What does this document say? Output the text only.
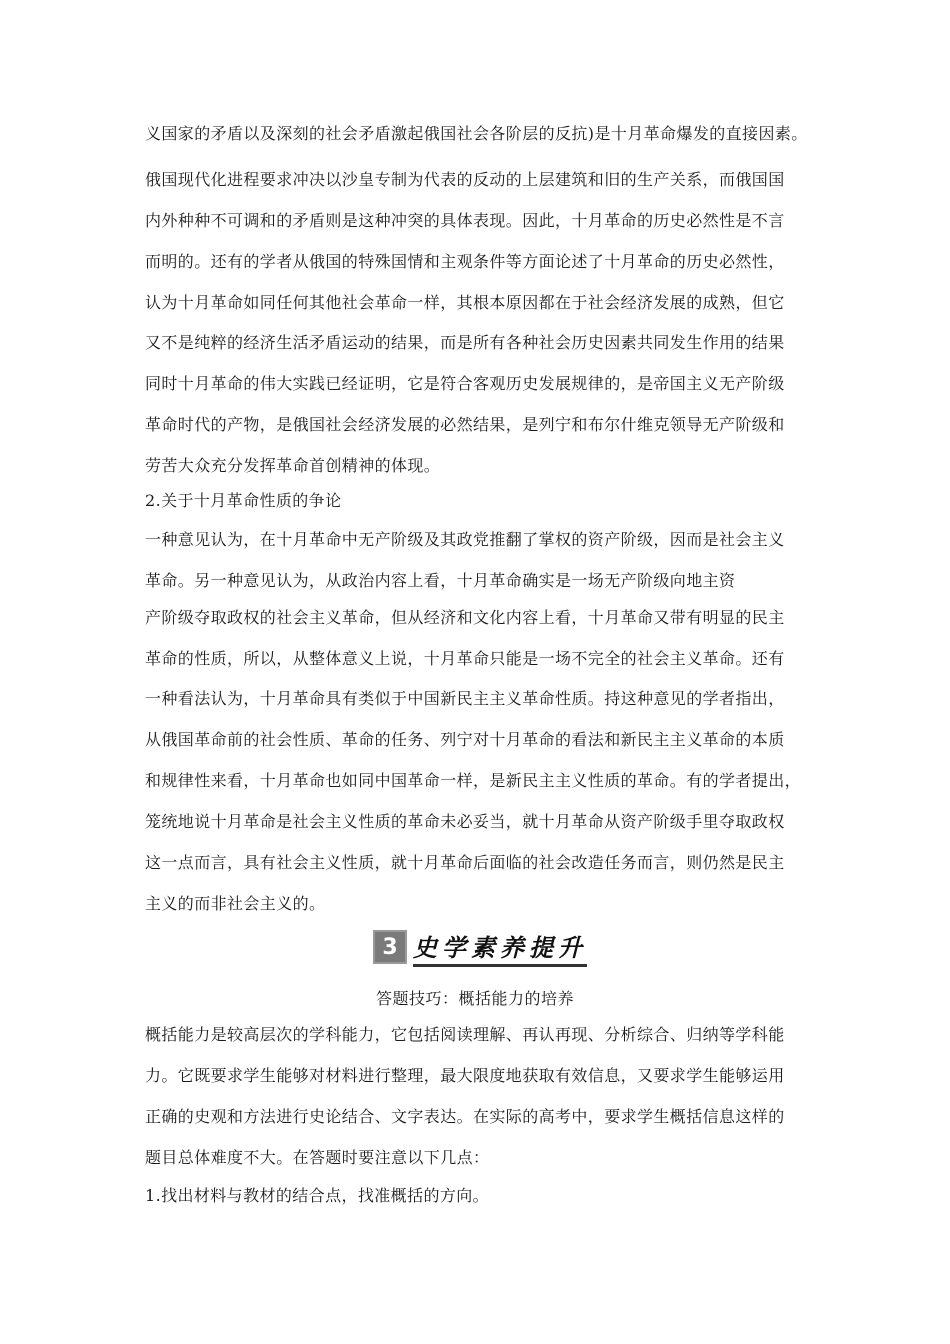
义国家的矛盾以及深刻的社会矛盾激起俄国社会各阶层的反抗)是十月革命爆发的直接因素。
俄国现代化进程要求冲决以沙皇专制为代表的反动的上层建筑和旧的生产关系，而俄国国
内外种种不可调和的矛盾则是这种冲突的具体表现。因此，十月革命的历史必然性是不言
而明的。还有的学者从俄国的特殊国情和主观条件等方面论述了十月革命的历史必然性，
认为十月革命如同任何其他社会革命一样，其根本原因都在于社会经济发展的成熟，但它
又不是纯粹的经济生活矛盾运动的结果，而是所有各种社会历史因素共同发生作用的结果
同时十月革命的伟大实践已经证明，它是符合客观历史发展规律的，是帝国主义无产阶级
革命时代的产物，是俄国社会经济发展的必然结果，是列宁和布尔什维克领导无产阶级和
劳苦大众充分发挥革命首创精神的体现。
2.关于十月革命性质的争论
一种意见认为，在十月革命中无产阶级及其政党推翻了掌权的资产阶级，因而是社会主义
革命。另一种意见认为，从政治内容上看，十月革命确实是一场无产阶级向地主资
产阶级夺取政权的社会主义革命，但从经济和文化内容上看，十月革命又带有明显的民主
革命的性质，所以，从整体意义上说，十月革命只能是一场不完全的社会主义革命。还有
一种看法认为，十月革命具有类似于中国新民主主义革命性质。持这种意见的学者指出，
从俄国革命前的社会性质、革命的任务、列宁对十月革命的看法和新民主主义革命的本质
和规律性来看，十月革命也如同中国革命一样，是新民主主义性质的革命。有的学者提出，
笼统地说十月革命是社会主义性质的革命未必妥当，就十月革命从资产阶级手里夺取政权
这一点而言，具有社会主义性质，就十月革命后面临的社会改造任务而言，则仍然是民主
主义的而非社会主义的。
3 史学素养提升
答题技巧：概括能力的培养
概括能力是较高层次的学科能力，它包括阅读理解、再认再现、分析综合、归纳等学科能
力。它既要求学生能够对材料进行整理，最大限度地获取有效信息，又要求学生能够运用
正确的史观和方法进行史论结合、文字表达。在实际的高考中，要求学生概括信息这样的
题目总体难度不大。在答题时要注意以下几点：
1.找出材料与教材的结合点，找准概括的方向。
